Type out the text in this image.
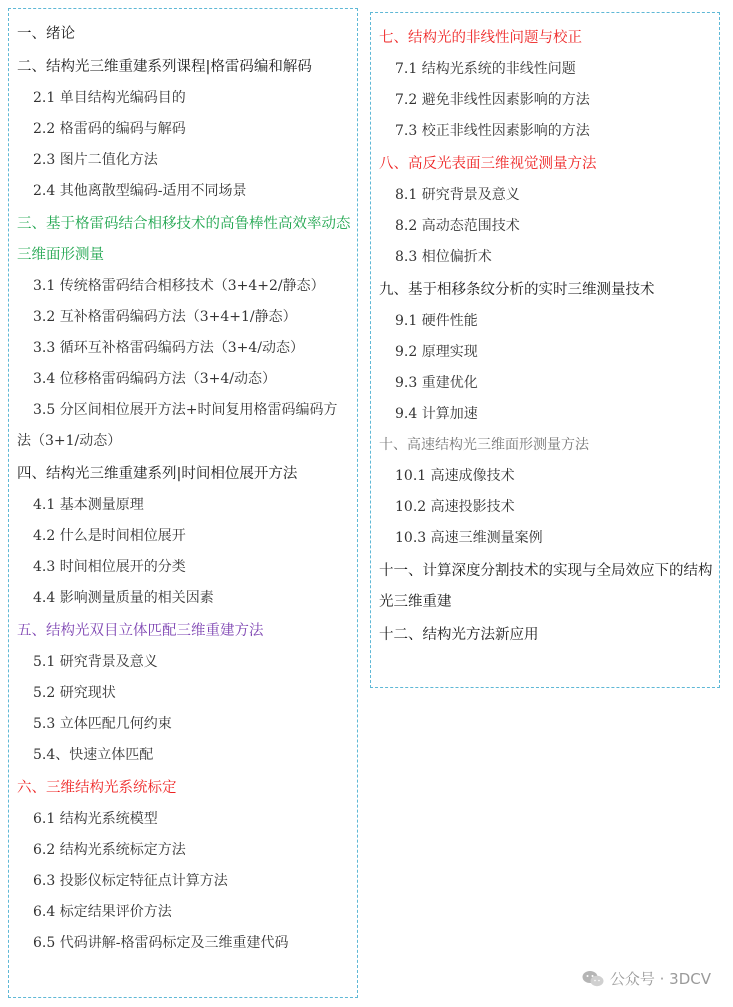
一、绪论
二、结构光三维重建系列课程|格雷码编和解码
2.1 单目结构光编码目的
2.2 格雷码的编码与解码
2.3 图片二值化方法
2.4 其他离散型编码-适用不同场景
三、基于格雷码结合相移技术的高鲁棒性高效率动态三维面形测量
3.1 传统格雷码结合相移技术（3+4+2/静态）
3.2 互补格雷码编码方法（3+4+1/静态）
3.3 循环互补格雷码编码方法（3+4/动态）
3.4 位移格雷码编码方法（3+4/动态）
3.5 分区间相位展开方法+时间复用格雷码编码方法（3+1/动态）
四、结构光三维重建系列|时间相位展开方法
4.1 基本测量原理
4.2 什么是时间相位展开
4.3 时间相位展开的分类
4.4 影响测量质量的相关因素
五、结构光双目立体匹配三维重建方法
5.1 研究背景及意义
5.2 研究现状
5.3 立体匹配几何约束
5.4、快速立体匹配
六、三维结构光系统标定
6.1 结构光系统模型
6.2 结构光系统标定方法
6.3 投影仪标定特征点计算方法
6.4 标定结果评价方法
6.5 代码讲解-格雷码标定及三维重建代码
七、结构光的非线性问题与校正
7.1 结构光系统的非线性问题
7.2 避免非线性因素影响的方法
7.3 校正非线性因素影响的方法
八、高反光表面三维视觉测量方法
8.1 研究背景及意义
8.2 高动态范围技术
8.3 相位偏折术
九、基于相移条纹分析的实时三维测量技术
9.1 硬件性能
9.2 原理实现
9.3 重建优化
9.4 计算加速
十、高速结构光三维面形测量方法
10.1 高速成像技术
10.2 高速投影技术
10.3 高速三维测量案例
十一、计算深度分割技术的实现与全局效应下的结构光三维重建
十二、结构光方法新应用
公众号 · 3DCV
